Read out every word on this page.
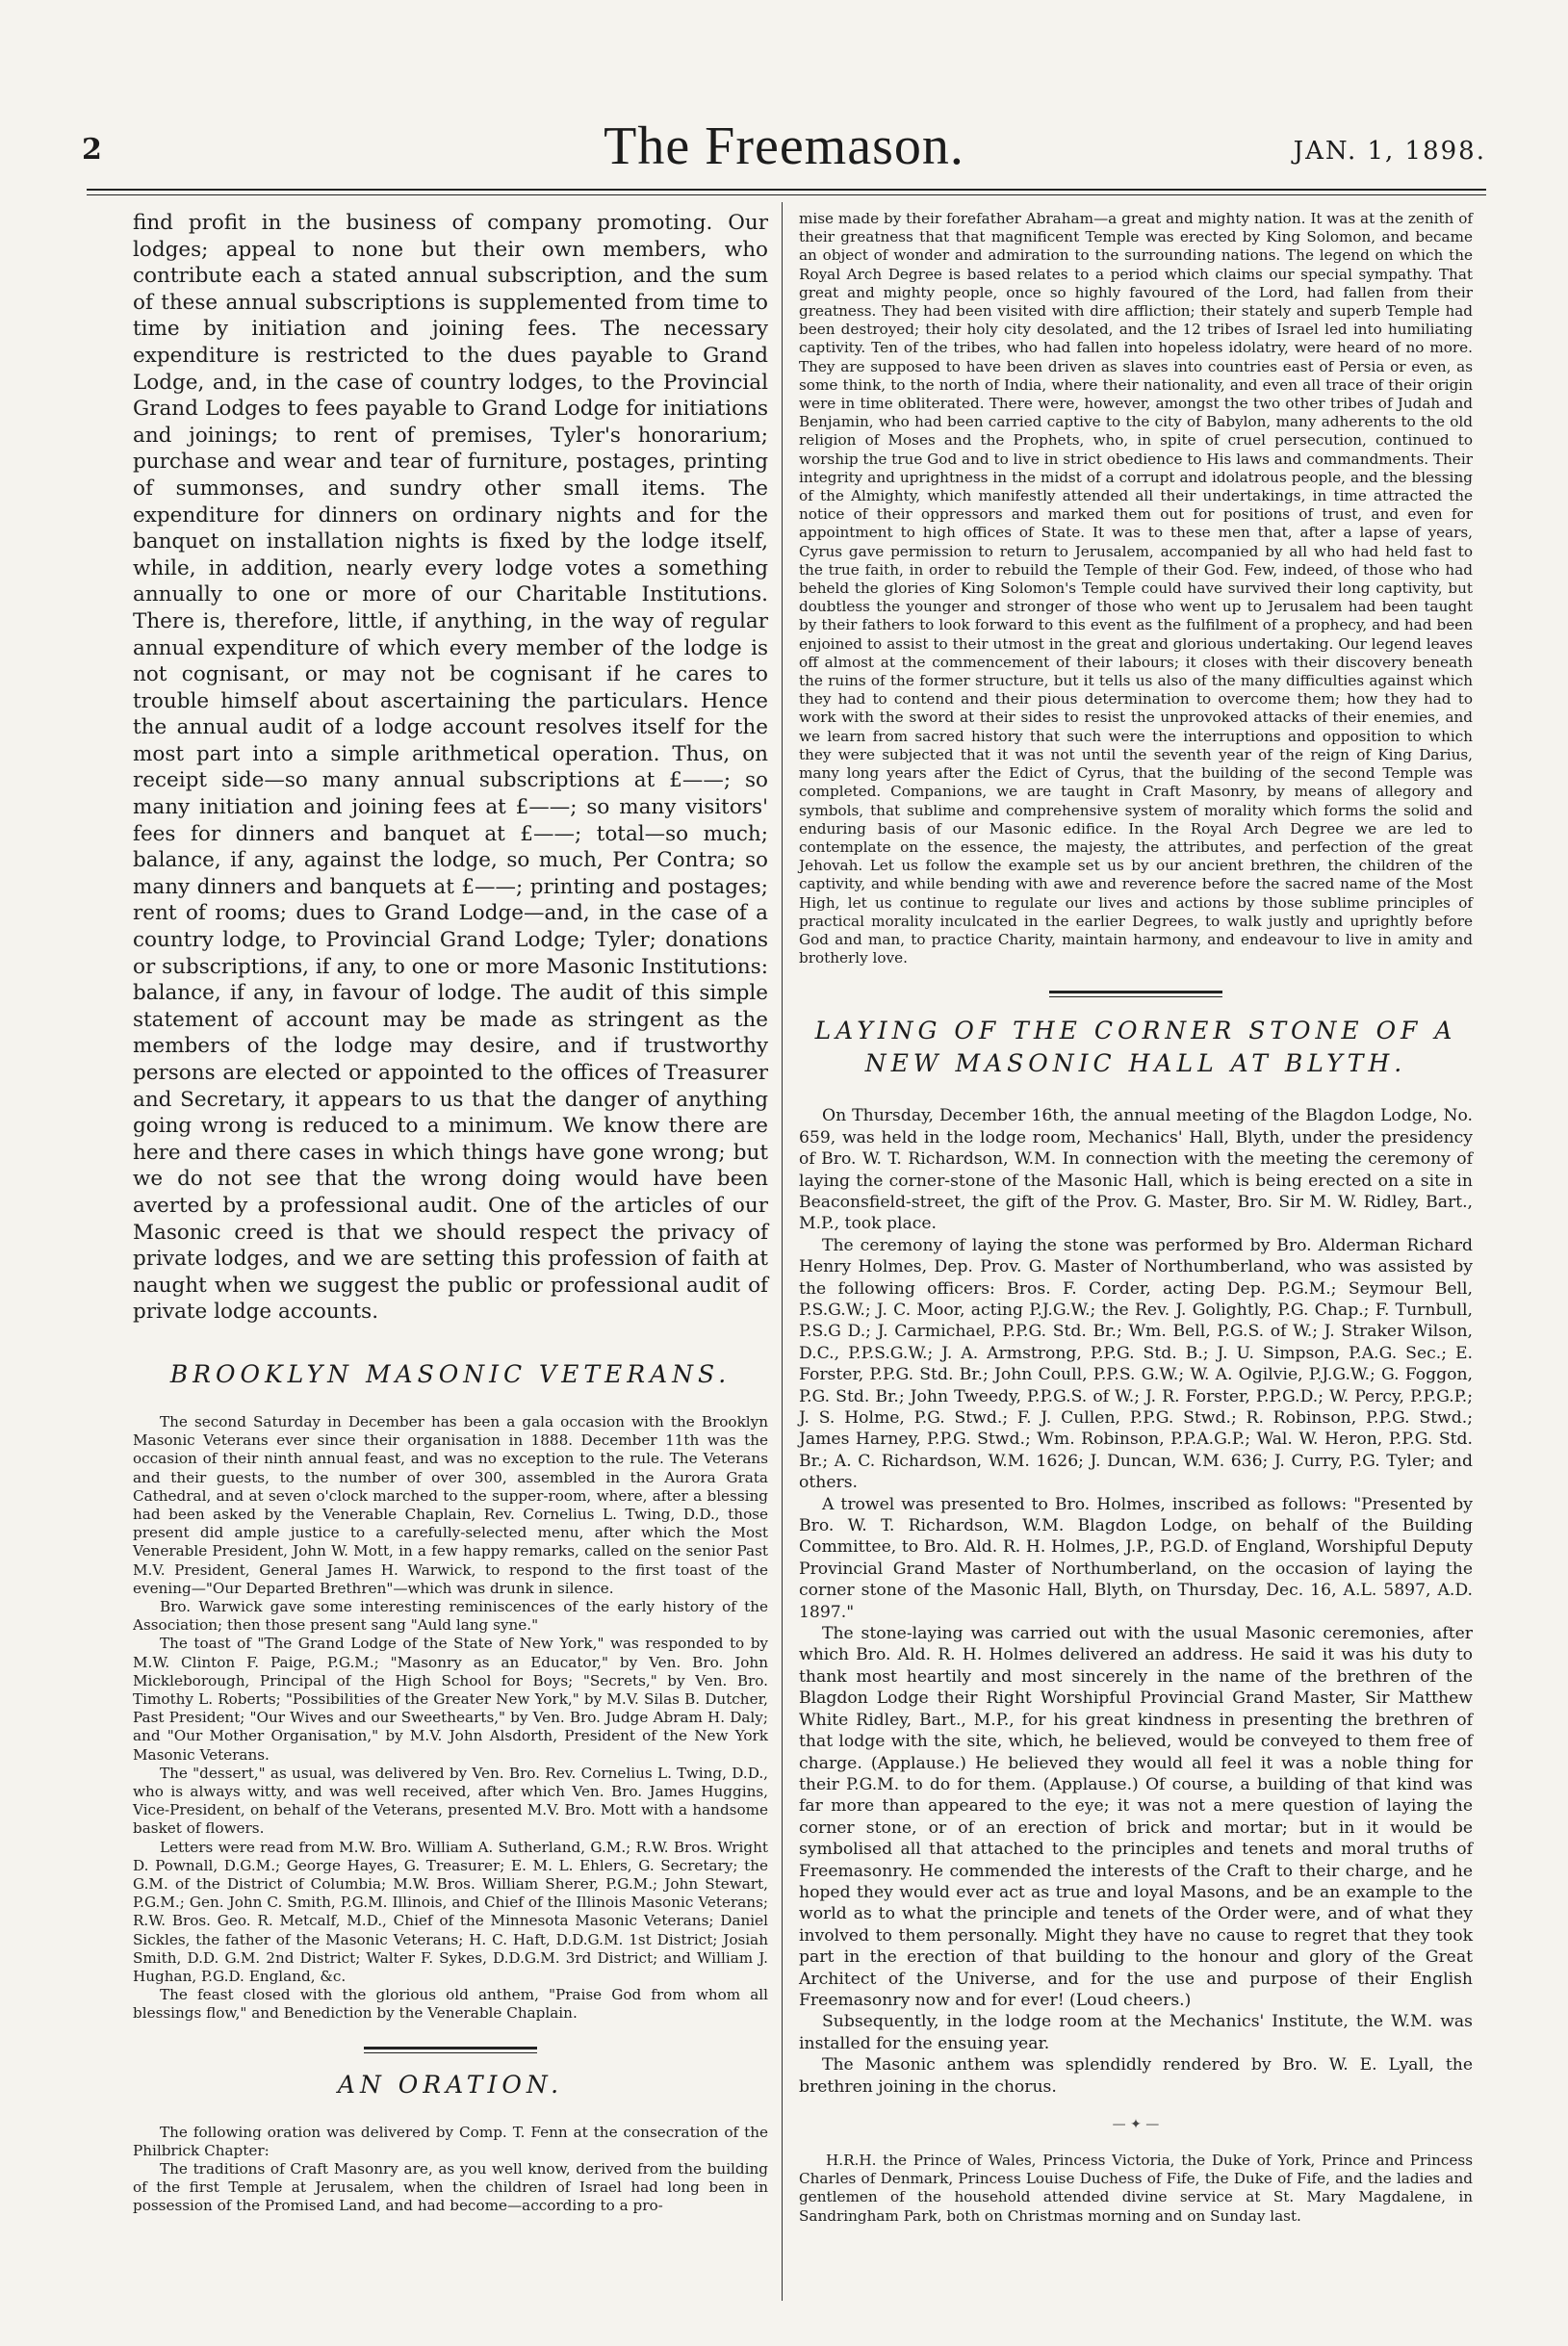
2	The Freemason.	JAN. 1, 1898.

find profit in the business of company promoting. Our lodges; appeal to none but their own members, who contribute each a stated annual subscription, and the sum of these annual subscriptions is supplemented from time to time by initiation and joining fees. The necessary expenditure is restricted to the dues payable to Grand Lodge, and, in the case of country lodges, to the Provincial Grand Lodges to fees payable to Grand Lodge for initiations and joinings; to rent of premises, Tyler's honorarium; purchase and wear and tear of furniture, postages, printing of summonses, and sundry other small items. The expenditure for dinners on ordinary nights and for the banquet on installation nights is fixed by the lodge itself, while, in addition, nearly every lodge votes a something annually to one or more of our Charitable Institutions. There is, therefore, little, if anything, in the way of regular annual expenditure of which every member of the lodge is not cognisant, or may not be cognisant if he cares to trouble himself about ascertaining the particulars. Hence the annual audit of a lodge account resolves itself for the most part into a simple arithmetical operation. Thus, on receipt side—so many annual subscriptions at £——; so many initiation and joining fees at £——; so many visitors' fees for dinners and banquet at £——; total—so much; balance, if any, against the lodge, so much, Per Contra; so many dinners and banquets at £——; printing and postages; rent of rooms; dues to Grand Lodge—and, in the case of a country lodge, to Provincial Grand Lodge; Tyler; donations or subscriptions, if any, to one or more Masonic Institutions: balance, if any, in favour of lodge. The audit of this simple statement of account may be made as stringent as the members of the lodge may desire, and if trustworthy persons are elected or appointed to the offices of Treasurer and Secretary, it appears to us that the danger of anything going wrong is reduced to a minimum. We know there are here and there cases in which things have gone wrong; but we do not see that the wrong doing would have been averted by a professional audit. One of the articles of our Masonic creed is that we should respect the privacy of private lodges, and we are setting this profession of faith at naught when we suggest the public or professional audit of private lodge accounts.

BROOKLYN MASONIC VETERANS.

The second Saturday in December has been a gala occasion with the Brooklyn Masonic Veterans ever since their organisation in 1888. December 11th was the occasion of their ninth annual feast, and was no exception to the rule. The Veterans and their guests, to the number of over 300, assembled in the Aurora Grata Cathedral, and at seven o'clock marched to the supper-room, where, after a blessing had been asked by the Venerable Chaplain, Rev. Cornelius L. Twing, D.D., those present did ample justice to a carefully-selected menu, after which the Most Venerable President, John W. Mott, in a few happy remarks, called on the senior Past M.V. President, General James H. Warwick, to respond to the first toast of the evening—"Our Departed Brethren"—which was drunk in silence.

Bro. Warwick gave some interesting reminiscences of the early history of the Association; then those present sang "Auld lang syne."

The toast of "The Grand Lodge of the State of New York," was responded to by M.W. Clinton F. Paige, P.G.M.; "Masonry as an Educator," by Ven. Bro. John Mickleborough, Principal of the High School for Boys; "Secrets," by Ven. Bro. Timothy L. Roberts; "Possibilities of the Greater New York," by M.V. Silas B. Dutcher, Past President; "Our Wives and our Sweethearts," by Ven. Bro. Judge Abram H. Daly; and "Our Mother Organisation," by M.V. John Alsdorth, President of the New York Masonic Veterans.

The "dessert," as usual, was delivered by Ven. Bro. Rev. Cornelius L. Twing, D.D., who is always witty, and was well received, after which Ven. Bro. James Huggins, Vice-President, on behalf of the Veterans, presented M.V. Bro. Mott with a handsome basket of flowers.

Letters were read from M.W. Bro. William A. Sutherland, G.M.; R.W. Bros. Wright D. Pownall, D.G.M.; George Hayes, G. Treasurer; E. M. L. Ehlers, G. Secretary; the G.M. of the District of Columbia; M.W. Bros. William Sherer, P.G.M.; John Stewart, P.G.M.; Gen. John C. Smith, P.G.M. Illinois, and Chief of the Illinois Masonic Veterans; R.W. Bros. Geo. R. Metcalf, M.D., Chief of the Minnesota Masonic Veterans; Daniel Sickles, the father of the Masonic Veterans; H. C. Haft, D.D.G.M. 1st District; Josiah Smith, D.D. G.M. 2nd District; Walter F. Sykes, D.D.G.M. 3rd District; and William J. Hughan, P.G.D. England, &c.

The feast closed with the glorious old anthem, "Praise God from whom all blessings flow," and Benediction by the Venerable Chaplain.

AN ORATION.

The following oration was delivered by Comp. T. Fenn at the consecration of the Philbrick Chapter:

The traditions of Craft Masonry are, as you well know, derived from the building of the first Temple at Jerusalem, when the children of Israel had long been in possession of the Promised Land, and had become—according to a pro-

mise made by their forefather Abraham—a great and mighty nation. It was at the zenith of their greatness that that magnificent Temple was erected by King Solomon, and became an object of wonder and admiration to the surrounding nations. The legend on which the Royal Arch Degree is based relates to a period which claims our special sympathy. That great and mighty people, once so highly favoured of the Lord, had fallen from their greatness. They had been visited with dire affliction; their stately and superb Temple had been destroyed; their holy city desolated, and the 12 tribes of Israel led into humiliating captivity. Ten of the tribes, who had fallen into hopeless idolatry, were heard of no more. They are supposed to have been driven as slaves into countries east of Persia or even, as some think, to the north of India, where their nationality, and even all trace of their origin were in time obliterated. There were, however, amongst the two other tribes of Judah and Benjamin, who had been carried captive to the city of Babylon, many adherents to the old religion of Moses and the Prophets, who, in spite of cruel persecution, continued to worship the true God and to live in strict obedience to His laws and commandments. Their integrity and uprightness in the midst of a corrupt and idolatrous people, and the blessing of the Almighty, which manifestly attended all their undertakings, in time attracted the notice of their oppressors and marked them out for positions of trust, and even for appointment to high offices of State. It was to these men that, after a lapse of years, Cyrus gave permission to return to Jerusalem, accompanied by all who had held fast to the true faith, in order to rebuild the Temple of their God. Few, indeed, of those who had beheld the glories of King Solomon's Temple could have survived their long captivity, but doubtless the younger and stronger of those who went up to Jerusalem had been taught by their fathers to look forward to this event as the fulfilment of a prophecy, and had been enjoined to assist to their utmost in the great and glorious undertaking. Our legend leaves off almost at the commencement of their labours; it closes with their discovery beneath the ruins of the former structure, but it tells us also of the many difficulties against which they had to contend and their pious determination to overcome them; how they had to work with the sword at their sides to resist the unprovoked attacks of their enemies, and we learn from sacred history that such were the interruptions and opposition to which they were subjected that it was not until the seventh year of the reign of King Darius, many long years after the Edict of Cyrus, that the building of the second Temple was completed. Companions, we are taught in Craft Masonry, by means of allegory and symbols, that sublime and comprehensive system of morality which forms the solid and enduring basis of our Masonic edifice. In the Royal Arch Degree we are led to contemplate on the essence, the majesty, the attributes, and perfection of the great Jehovah. Let us follow the example set us by our ancient brethren, the children of the captivity, and while bending with awe and reverence before the sacred name of the Most High, let us continue to regulate our lives and actions by those sublime principles of practical morality inculcated in the earlier Degrees, to walk justly and uprightly before God and man, to practice Charity, maintain harmony, and endeavour to live in amity and brotherly love.

LAYING OF THE CORNER STONE OF A NEW MASONIC HALL AT BLYTH.

On Thursday, December 16th, the annual meeting of the Blagdon Lodge, No. 659, was held in the lodge room, Mechanics' Hall, Blyth, under the presidency of Bro. W. T. Richardson, W.M. In connection with the meeting the ceremony of laying the corner-stone of the Masonic Hall, which is being erected on a site in Beaconsfield-street, the gift of the Prov. G. Master, Bro. Sir M. W. Ridley, Bart., M.P., took place.

The ceremony of laying the stone was performed by Bro. Alderman Richard Henry Holmes, Dep. Prov. G. Master of Northumberland, who was assisted by the following officers: Bros. F. Corder, acting Dep. P.G.M.; Seymour Bell, P.S.G.W.; J. C. Moor, acting P.J.G.W.; the Rev. J. Golightly, P.G. Chap.; F. Turnbull, P.S.G D.; J. Carmichael, P.P.G. Std. Br.; Wm. Bell, P.G.S. of W.; J. Straker Wilson, D.C., P.P.S.G.W.; J. A. Armstrong, P.P.G. Std. B.; J. U. Simpson, P.A.G. Sec.; E. Forster, P.P.G. Std. Br.; John Coull, P.P.S. G.W.; W. A. Ogilvie, P.J.G.W.; G. Foggon, P.G. Std. Br.; John Tweedy, P.P.G.S. of W.; J. R. Forster, P.P.G.D.; W. Percy, P.P.G.P.; J. S. Holme, P.G. Stwd.; F. J. Cullen, P.P.G. Stwd.; R. Robinson, P.P.G. Stwd.; James Harney, P.P.G. Stwd.; Wm. Robinson, P.P.A.G.P.; Wal. W. Heron, P.P.G. Std. Br.; A. C. Richardson, W.M. 1626; J. Duncan, W.M. 636; J. Curry, P.G. Tyler; and others.

A trowel was presented to Bro. Holmes, inscribed as follows: "Presented by Bro. W. T. Richardson, W.M. Blagdon Lodge, on behalf of the Building Committee, to Bro. Ald. R. H. Holmes, J.P., P.G.D. of England, Worshipful Deputy Provincial Grand Master of Northumberland, on the occasion of laying the corner stone of the Masonic Hall, Blyth, on Thursday, Dec. 16, A.L. 5897, A.D. 1897."

The stone-laying was carried out with the usual Masonic ceremonies, after which Bro. Ald. R. H. Holmes delivered an address. He said it was his duty to thank most heartily and most sincerely in the name of the brethren of the Blagdon Lodge their Right Worshipful Provincial Grand Master, Sir Matthew White Ridley, Bart., M.P., for his great kindness in presenting the brethren of that lodge with the site, which, he believed, would be conveyed to them free of charge. (Applause.) He believed they would all feel it was a noble thing for their P.G.M. to do for them. (Applause.) Of course, a building of that kind was far more than appeared to the eye; it was not a mere question of laying the corner stone, or of an erection of brick and mortar; but in it would be symbolised all that attached to the principles and tenets and moral truths of Freemasonry. He commended the interests of the Craft to their charge, and he hoped they would ever act as true and loyal Masons, and be an example to the world as to what the principle and tenets of the Order were, and of what they involved to them personally. Might they have no cause to regret that they took part in the erection of that building to the honour and glory of the Great Architect of the Universe, and for the use and purpose of their English Freemasonry now and for ever! (Loud cheers.)

Subsequently, in the lodge room at the Mechanics' Institute, the W.M. was installed for the ensuing year.

The Masonic anthem was splendidly rendered by Bro. W. E. Lyall, the brethren joining in the chorus.

— ✦ —

H.R.H. the Prince of Wales, Princess Victoria, the Duke of York, Prince and Princess Charles of Denmark, Princess Louise Duchess of Fife, the Duke of Fife, and the ladies and gentlemen of the household attended divine service at St. Mary Magdalene, in Sandringham Park, both on Christmas morning and on Sunday last.
